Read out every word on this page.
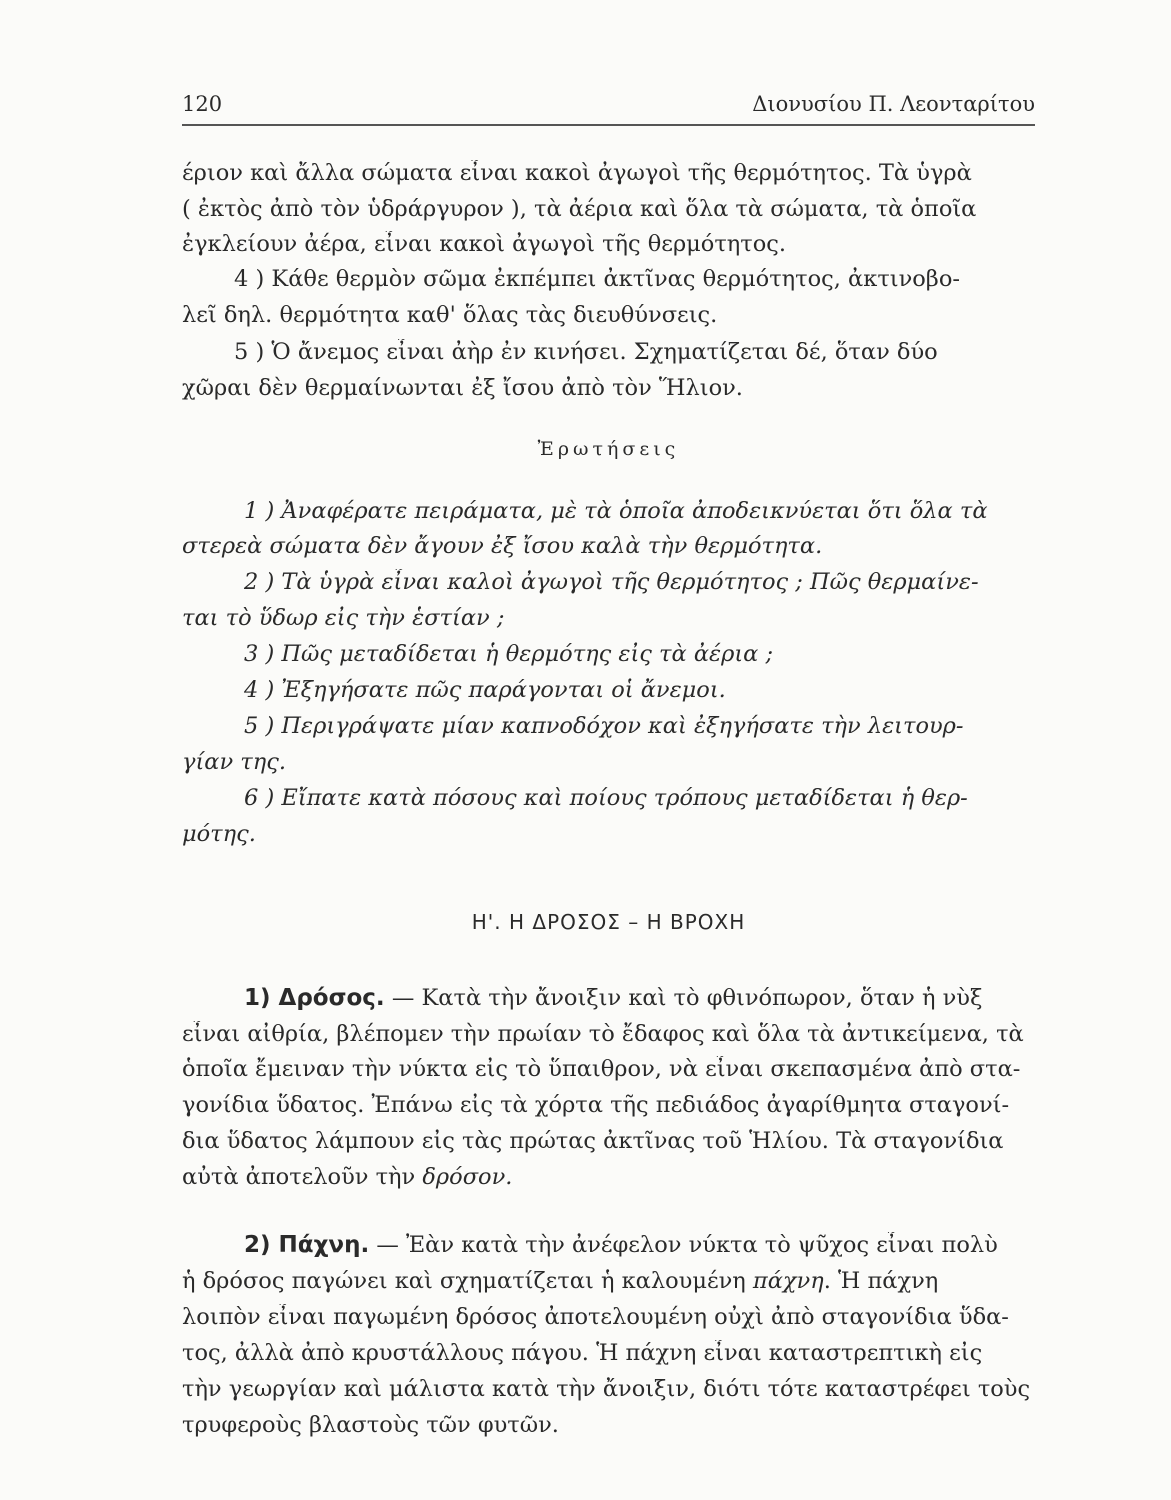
120	Διονυσίου Π. Λεονταρίτου
έριον καὶ ἄλλα σώματα εἶναι κακοὶ ἀγωγοὶ τῆς θερμότητος. Τὰ ὑγρὰ
( ἐκτὸς ἀπὸ τὸν ὑδράργυρον ), τὰ ἀέρια καὶ ὅλα τὰ σώματα, τὰ ὁποῖα
ἐγκλείουν ἀέρα, εἶναι κακοὶ ἀγωγοὶ τῆς θερμότητος.
4 ) Κάθε θερμὸν σῶμα ἐκπέμπει ἀκτῖνας θερμότητος, ἀκτινοβο-
λεῖ δηλ. θερμότητα καθ' ὅλας τὰς διευθύνσεις.
5 ) Ὁ ἄνεμος εἶναι ἀὴρ ἐν κινήσει. Σχηματίζεται δέ, ὅταν δύο
χῶραι δὲν θερμαίνωνται ἐξ ἴσου ἀπὸ τὸν Ἥλιον.
Ἐρωτήσεις
1 ) Ἀναφέρατε πειράματα, μὲ τὰ ὁποῖα ἀποδεικνύεται ὅτι ὅλα τὰ
στερεὰ σώματα δὲν ἄγουν ἐξ ἴσου καλὰ τὴν θερμότητα.
2 ) Τὰ ὑγρὰ εἶναι καλοὶ ἀγωγοὶ τῆς θερμότητος ; Πῶς θερμαίνε-
ται τὸ ὕδωρ εἰς τὴν ἑστίαν ;
3 ) Πῶς μεταδίδεται ἡ θερμότης εἰς τὰ ἀέρια ;
4 ) Ἐξηγήσατε πῶς παράγονται οἱ ἄνεμοι.
5 ) Περιγράψατε μίαν καπνοδόχον καὶ ἐξηγήσατε τὴν λειτουρ-
γίαν της.
6 ) Εἴπατε κατὰ πόσους καὶ ποίους τρόπους μεταδίδεται ἡ θερ-
μότης.
Η'. Η ΔΡΟΣΟΣ – Η ΒΡΟΧΗ
1) Δρόσος. — Κατὰ τὴν ἄνοιξιν καὶ τὸ φθινόπωρον, ὅταν ἡ νὺξ
εἶναι αἰθρία, βλέπομεν τὴν πρωίαν τὸ ἔδαφος καὶ ὅλα τὰ ἀντικείμενα, τὰ
ὁποῖα ἔμειναν τὴν νύκτα εἰς τὸ ὕπαιθρον, νὰ εἶναι σκεπασμένα ἀπὸ στα-
γονίδια ὕδατος. Ἐπάνω εἰς τὰ χόρτα τῆς πεδιάδος ἀγαρίθμητα σταγονί-
δια ὕδατος λάμπουν εἰς τὰς πρώτας ἀκτῖνας τοῦ Ἡλίου. Τὰ σταγονίδια
αὐτὰ ἀποτελοῦν τὴν δρόσον.
2) Πάχνη. — Ἐὰν κατὰ τὴν ἀνέφελον νύκτα τὸ ψῦχος εἶναι πολὺ
ἡ δρόσος παγώνει καὶ σχηματίζεται ἡ καλουμένη πάχνη. Ἡ πάχνη
λοιπὸν εἶναι παγωμένη δρόσος ἀποτελουμένη οὐχὶ ἀπὸ σταγονίδια ὕδα-
τος, ἀλλὰ ἀπὸ κρυστάλλους πάγου. Ἡ πάχνη εἶναι καταστρεπτικὴ εἰς
τὴν γεωργίαν καὶ μάλιστα κατὰ τὴν ἄνοιξιν, διότι τότε καταστρέφει τοὺς
τρυφεροὺς βλαστοὺς τῶν φυτῶν.
